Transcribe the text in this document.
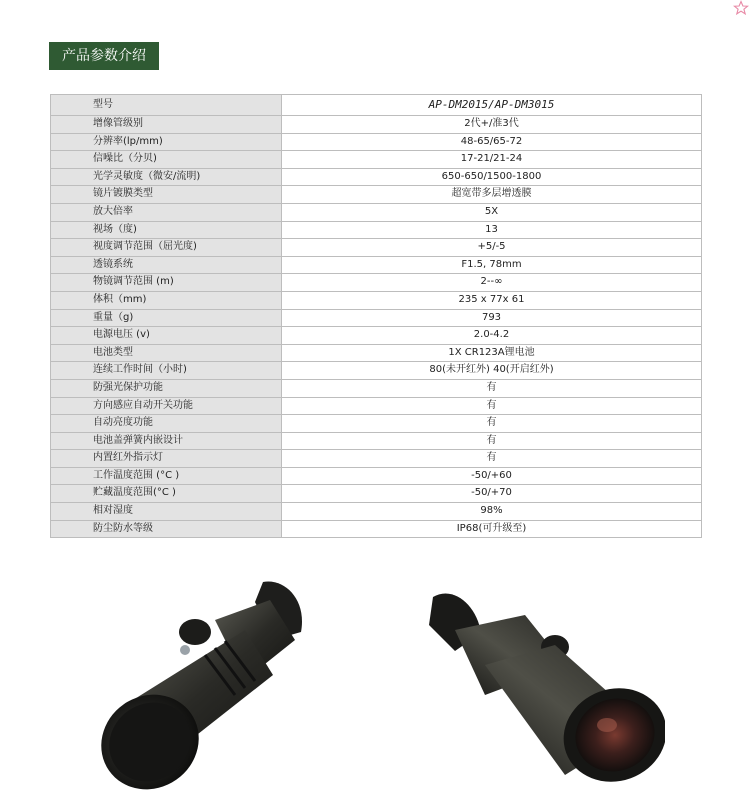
产品参数介绍
型号	AP-DM2015/AP-DM3015
增像管级别	2代+/准3代
分辨率(lp/mm)	48-65/65-72
信噪比（分贝)	17-21/21-24
光学灵敏度（微安/流明)	650-650/1500-1800
镜片镀膜类型	超宽带多层增透膜
放大倍率	5X
视场（度)	13
视度调节范围（屈光度)	+5/-5
透镜系统	F1.5, 78mm
物镜调节范围 (m)	2--∞
体积（mm)	235 x 77x 61
重量（g)	793
电源电压 (v)	2.0-4.2
电池类型	1X CR123A锂电池
连续工作时间（小时)	80(未开红外) 40(开启红外)
防强光保护功能	有
方向感应自动开关功能	有
自动亮度功能	有
电池盖弹簧内嵌设计	有
内置红外指示灯	有
工作温度范围 (°C )	-50/+60
贮藏温度范围(°C )	-50/+70
相对湿度	98%
防尘防水等级	IP68(可升级至)
